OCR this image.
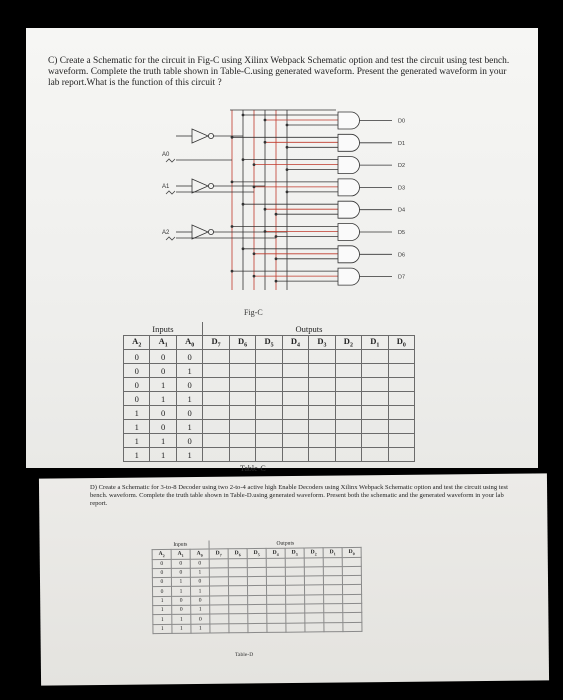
C) Create a Schematic for the circuit in Fig-C using Xilinx Webpack Schematic option and test the circuit using test bench. waveform. Complete the truth table shown in Table-C.using generated waveform. Present the generated waveform in your lab report.What is the function of this circuit ?
A0
A1
A2
D0
D1
D2
D3
D4
D5
D6
D7
Fig-C
Inputs			Outputs							
$A_2$	$A_1$	$A_0$	$D_7$	$D_6$	$D_5$	$D_4$	$D_3$	$D_2$	$D_1$	$D_0$
0	0	0								
0	0	1								
0	1	0								
0	1	1								
1	0	0								
1	0	1								
1	1	0								
1	1	1								
Table-C
D) Create a Schematic for 3-to-8 Decoder using two 2-to-4 active high Enable Decoders using Xilinx Webpack Schematic option and test the circuit using test bench. waveform. Complete the truth table shown in Table-D.using generated waveform. Present both the schematic and the generated waveform in your lab report.
Inputs			Outputs							
$A_2$	$A_1$	$A_0$	$D_7$	$D_6$	$D_5$	$D_4$	$D_3$	$D_2$	$D_1$	$D_0$
0	0	0								
0	0	1								
0	1	0								
0	1	1								
1	0	0								
1	0	1								
1	1	0								
1	1	1								
Table-D
